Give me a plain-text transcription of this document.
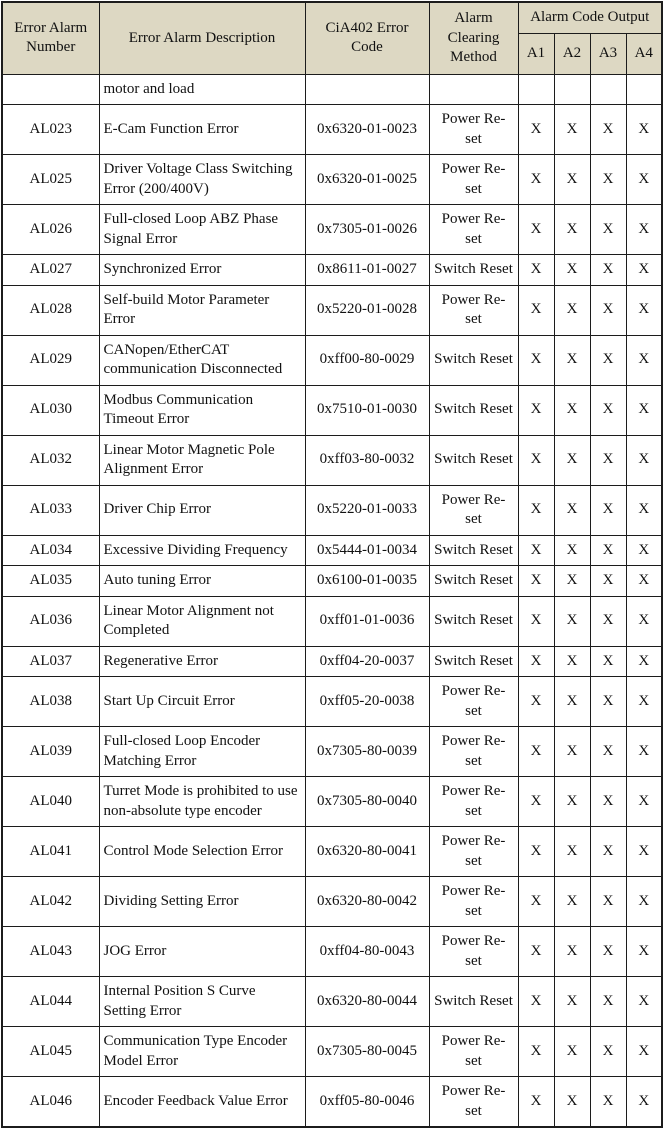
Error Alarm Number	Error Alarm Description	CiA402 Error Code	Alarm Clearing Method	Alarm Code Output			
				A1	A2	A3	A4
	motor and load						
AL023	E-Cam Function Error	0x6320-01-0023	Power Re-set	X	X	X	X
AL025	Driver Voltage Class Switching Error (200/400V)	0x6320-01-0025	Power Re-set	X	X	X	X
AL026	Full-closed Loop ABZ Phase Signal Error	0x7305-01-0026	Power Re-set	X	X	X	X
AL027	Synchronized Error	0x8611-01-0027	Switch Reset	X	X	X	X
AL028	Self-build Motor Parameter Error	0x5220-01-0028	Power Re-set	X	X	X	X
AL029	CANopen/EtherCAT communication Disconnected	0xff00-80-0029	Switch Reset	X	X	X	X
AL030	Modbus Communication Timeout Error	0x7510-01-0030	Switch Reset	X	X	X	X
AL032	Linear Motor Magnetic Pole Alignment Error	0xff03-80-0032	Switch Reset	X	X	X	X
AL033	Driver Chip Error	0x5220-01-0033	Power Re-set	X	X	X	X
AL034	Excessive Dividing Frequency	0x5444-01-0034	Switch Reset	X	X	X	X
AL035	Auto tuning Error	0x6100-01-0035	Switch Reset	X	X	X	X
AL036	Linear Motor Alignment not Completed	0xff01-01-0036	Switch Reset	X	X	X	X
AL037	Regenerative Error	0xff04-20-0037	Switch Reset	X	X	X	X
AL038	Start Up Circuit Error	0xff05-20-0038	Power Re-set	X	X	X	X
AL039	Full-closed Loop Encoder Matching Error	0x7305-80-0039	Power Re-set	X	X	X	X
AL040	Turret Mode is prohibited to use non-absolute type encoder	0x7305-80-0040	Power Re-set	X	X	X	X
AL041	Control Mode Selection Error	0x6320-80-0041	Power Re-set	X	X	X	X
AL042	Dividing Setting Error	0x6320-80-0042	Power Re-set	X	X	X	X
AL043	JOG Error	0xff04-80-0043	Power Re-set	X	X	X	X
AL044	Internal Position S Curve Setting Error	0x6320-80-0044	Switch Reset	X	X	X	X
AL045	Communication Type Encoder Model Error	0x7305-80-0045	Power Re-set	X	X	X	X
AL046	Encoder Feedback Value Error	0xff05-80-0046	Power Re-set	X	X	X	X
